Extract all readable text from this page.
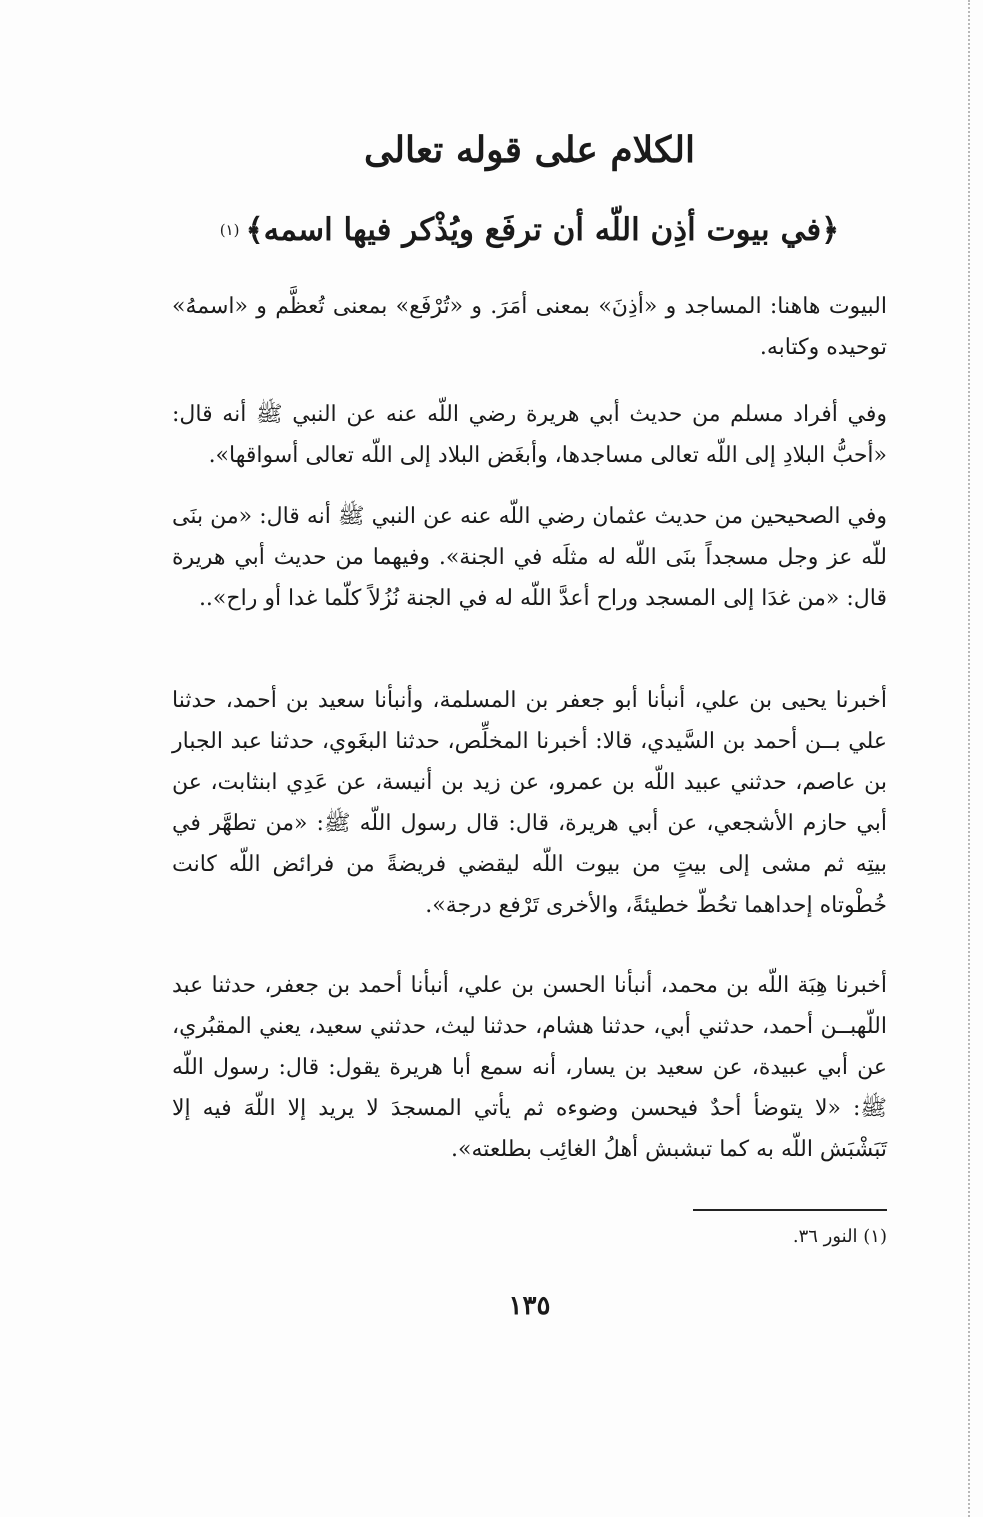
الكلام على قوله تعالى
﴿في بيوت أذِن اللّه أن ترفَع ويُذْكر فيها اسمه﴾$^{(١)}$

البيوت هاهنا: المساجد و «أذِنَ» بمعنى أمَرَ. و «تُرْفَع» بمعنى تُعظَّم و «اسمهُ» توحيده وكتابه.

وفي أفراد مسلم من حديث أبي هريرة رضي اللّه عنه عن النبي ﷺ أنه قال: «أحبُّ البلادِ إلى اللّه تعالى مساجدها، وأبغَض البلاد إلى اللّه تعالى أسواقها».

وفي الصحيحين من حديث عثمان رضي اللّه عنه عن النبي ﷺ أنه قال: «من بنَى للّه عز وجل مسجداً بنَى اللّه له مثلَه في الجنة». وفيهما من حديث أبي هريرة قال: «من غدَا إلى المسجد وراح أعدَّ اللّه له في الجنة نُزُلاً كلّما غدا أو راح»..

أخبرنا يحيى بن علي، أنبأنا أبو جعفر بن المسلمة، وأنبأنا سعيد بن أحمد، حدثنا علي بــن أحمد بن السَّيدي، قالا: أخبرنا المخلِّص، حدثنا البغَوي، حدثنا عبد الجبار بن عاصم، حدثني عبيد اللّه بن عمرو، عن زيد بن أنيسة، عن عَدِي ابنثابت، عن أبي حازم الأشجعي، عن أبي هريرة، قال: قال رسول اللّه ﷺ: «من تطهَّر في بيتِه ثم مشى إلى بيتٍ من بيوت اللّه ليقضي فريضةً من فرائض اللّه كانت خُطْوتاه إحداهما تحُطّ خطيئةً، والأخرى تَرْفع درجة».

أخبرنا هِبَة اللّه بن محمد، أنبأنا الحسن بن علي، أنبأنا أحمد بن جعفر، حدثنا عبد اللّهبــن أحمد، حدثني أبي، حدثنا هشام، حدثنا ليث، حدثني سعيد، يعني المقبُري، عن أبي عبيدة، عن سعيد بن يسار، أنه سمع أبا هريرة يقول: قال: رسول اللّه ﷺ: «لا يتوضأ أحدٌ فيحسن وضوءه ثم يأتي المسجدَ لا يريد إلا اللّهَ فيه إلا تَبَشْبَش اللّه به كما تبشبش أهلُ الغائِب بطلعته».

(١) النور ٣٦.
١٣٥
